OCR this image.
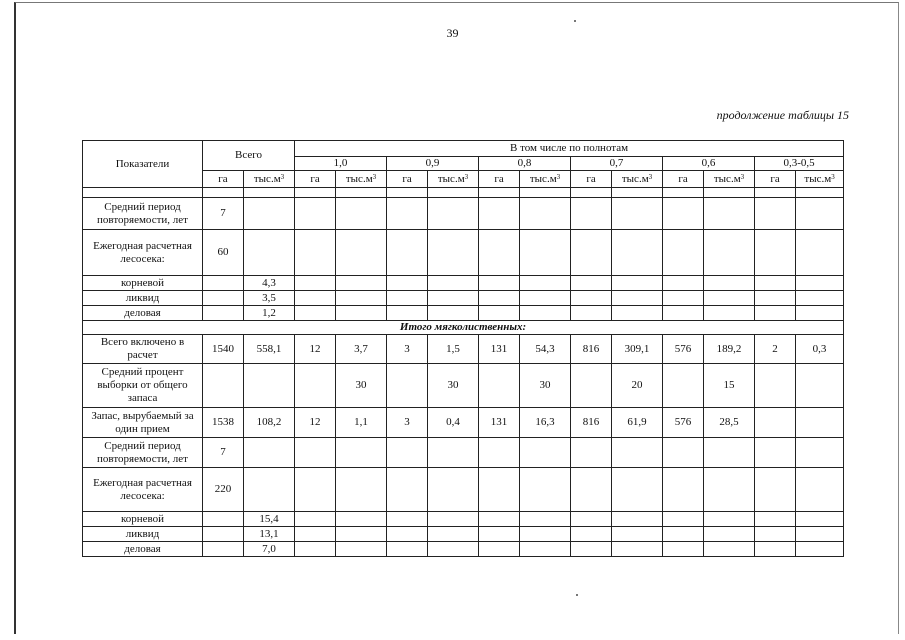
39
продолжение таблицы 15
Показатели	Всего		В том числе по полнотам											
			1,0		0,9		0,8		0,7		0,6		0,3-0,5	
	га	$тыс.м^3$	га	$тыс.м^3$	га	$тыс.м^3$	га	$тыс.м^3$	га	$тыс.м^3$	га	$тыс.м^3$	га	$тыс.м^3$

Средний период повторяемости, лет	7													
Ежегодная расчетная лесосека:	60													
корневой		4,3												
ликвид		3,5												
деловая		1,2												
Итого мягколиственных:														
Всего включено в расчет	1540	558,1	12	3,7	3	1,5	131	54,3	816	309,1	576	189,2	2	0,3
Средний процент выборки от общего запаса				30		30		30		20		15		
Запас, вырубаемый за один прием	1538	108,2	12	1,1	3	0,4	131	16,3	816	61,9	576	28,5		
Средний период повторяемости, лет	7													
Ежегодная расчетная лесосека:	220													
корневой		15,4												
ликвид		13,1												
деловая		7,0												
